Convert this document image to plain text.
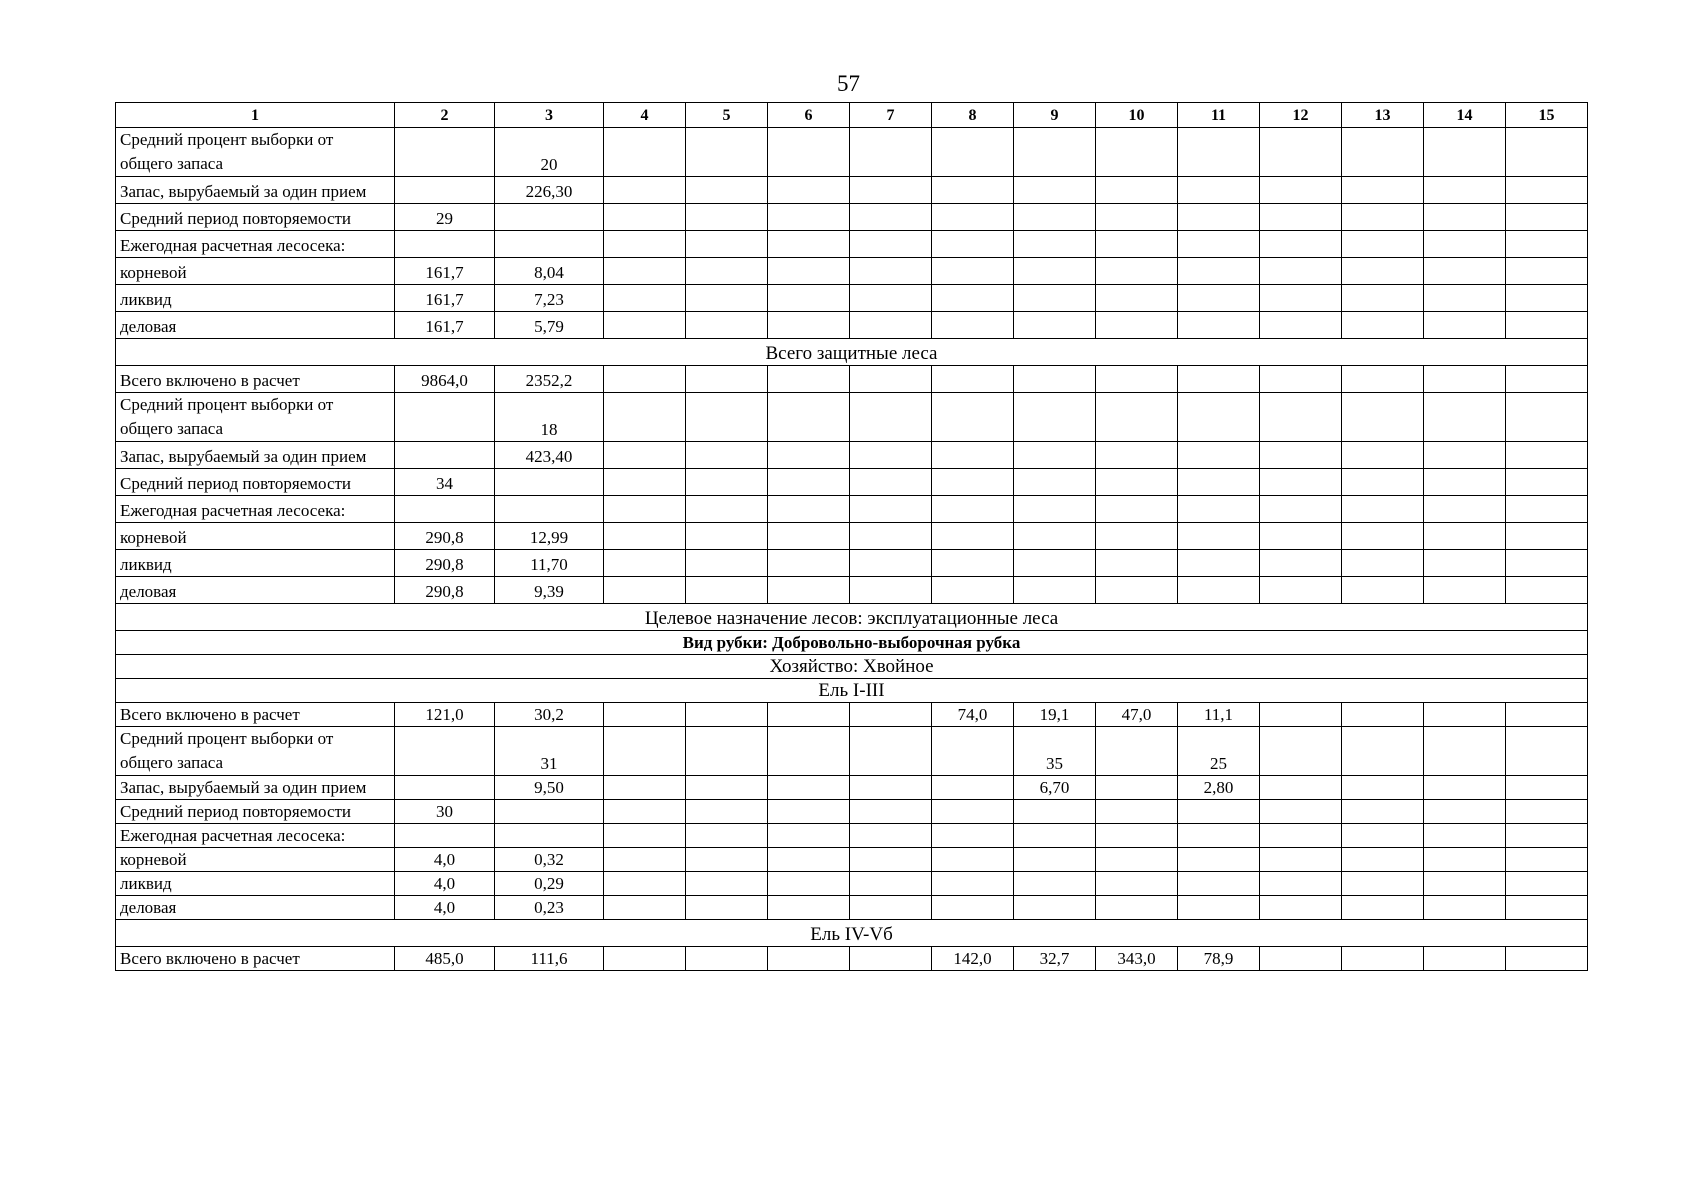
57
1	2	3	4	5	6	7	8	9	10	11	12	13	14	15
Средний процент выборки от общего запаса		20												
Запас, вырубаемый за один прием		226,30												
Средний период повторяемости	29													
Ежегодная расчетная лесосека:														
корневой	161,7	8,04												
ликвид	161,7	7,23												
деловая	161,7	5,79												
Всего защитные леса														
Всего включено в расчет	9864,0	2352,2												
Средний процент выборки от общего запаса		18												
Запас, вырубаемый за один прием		423,40												
Средний период повторяемости	34													
Ежегодная расчетная лесосека:														
корневой	290,8	12,99												
ликвид	290,8	11,70												
деловая	290,8	9,39												
Целевое назначение лесов: эксплуатационные леса														
Вид рубки: Добровольно-выборочная рубка														
Хозяйство: Хвойное														
Ель I-III														
Всего включено в расчет	121,0	30,2					74,0	19,1	47,0	11,1				
Средний процент выборки от общего запаса		31						35		25				
Запас, вырубаемый за один прием		9,50						6,70		2,80				
Средний период повторяемости	30													
Ежегодная расчетная лесосека:														
корневой	4,0	0,32												
ликвид	4,0	0,29												
деловая	4,0	0,23												
Ель IV-Vб														
Всего включено в расчет	485,0	111,6					142,0	32,7	343,0	78,9				
